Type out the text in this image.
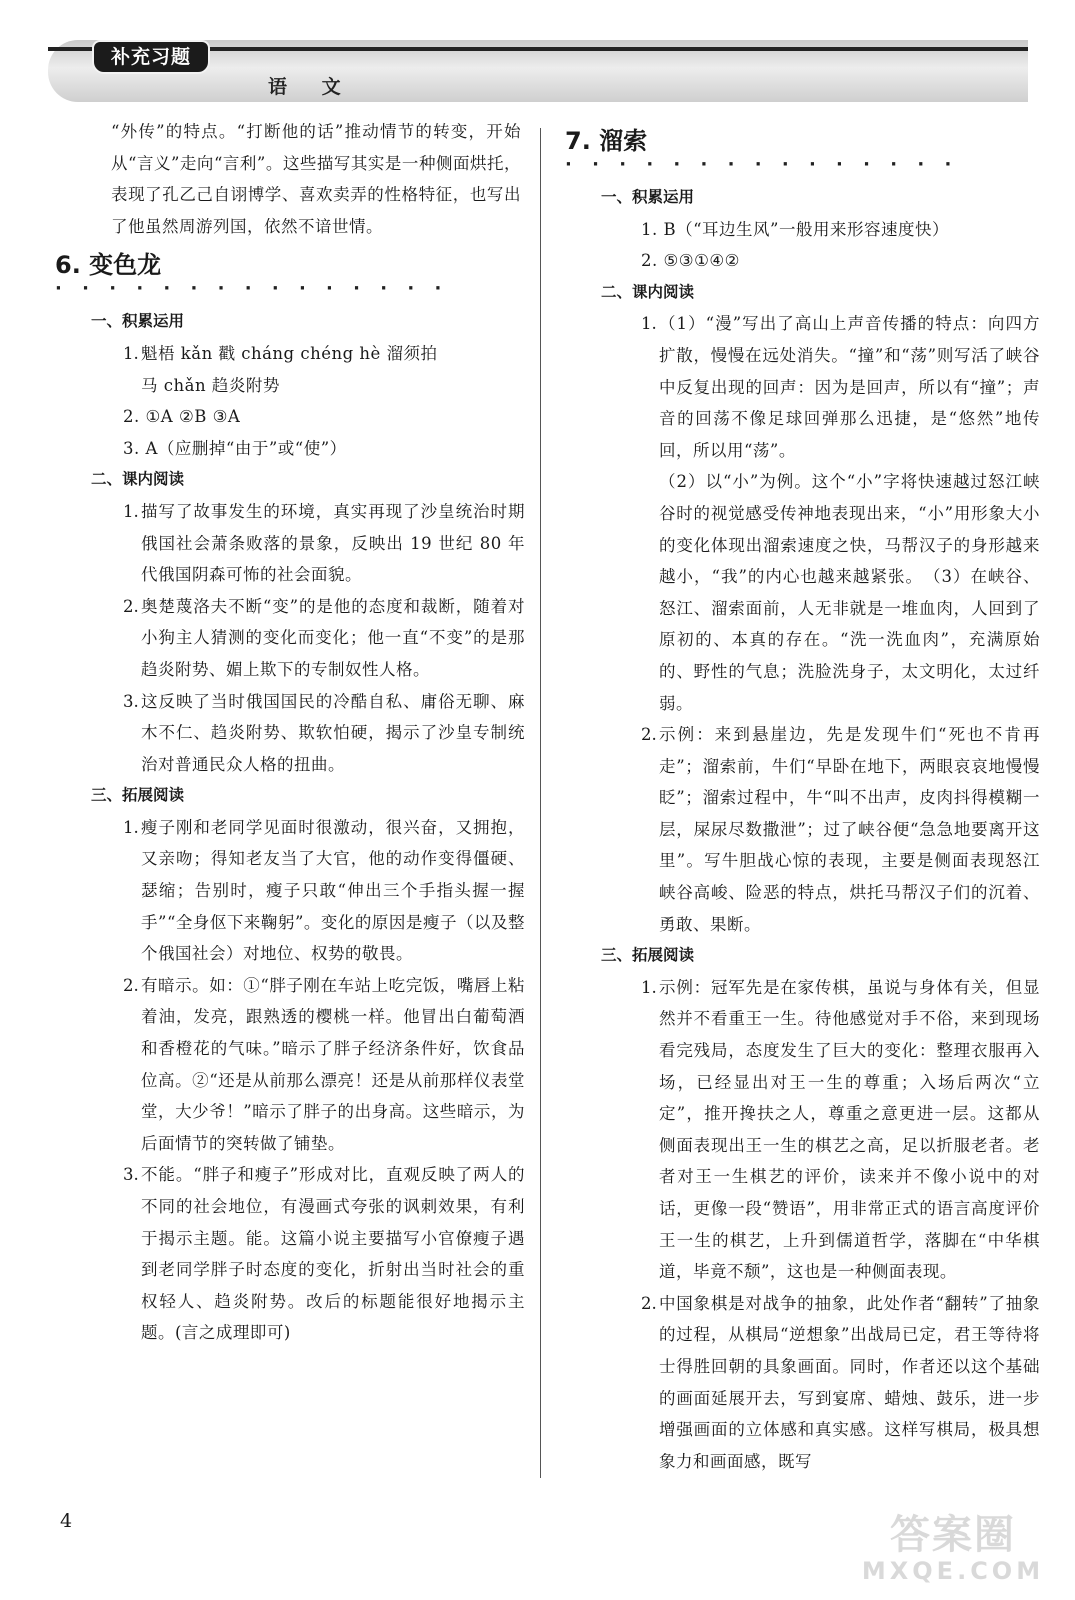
补充习题
语 文

“外传”的特点。“打断他的话”推动情节的转变，开始从“言义”走向“言利”。这些描写其实是一种侧面烘托，表现了孔乙己自诩博学、喜欢卖弄的性格特征，也写出了他虽然周游列国，依然不谙世情。

6. 变色龙
· · · · · · · · · · · · · · ·
一、积累运用
1. 魁梧 kǎn 戳 cháng chéng hè 溜须拍

马 chǎn 趋炎附势

2. ①A ②B ③A

3. A（应删掉“由于”或“使”）

二、课内阅读
1. 描写了故事发生的环境，真实再现了沙皇统治时期俄国社会萧条败落的景象，反映出 19 世纪 80 年代俄国阴森可怖的社会面貌。

2. 奥楚蔑洛夫不断“变”的是他的态度和裁断，随着对小狗主人猜测的变化而变化；他一直“不变”的是那趋炎附势、媚上欺下的专制奴性人格。

3. 这反映了当时俄国国民的冷酷自私、庸俗无聊、麻木不仁、趋炎附势、欺软怕硬，揭示了沙皇专制统治对普通民众人格的扭曲。

三、拓展阅读
1. 瘦子刚和老同学见面时很激动，很兴奋，又拥抱，又亲吻；得知老友当了大官，他的动作变得僵硬、瑟缩；告别时，瘦子只敢“伸出三个手指头握一握手”“全身伛下来鞠躬”。变化的原因是瘦子（以及整个俄国社会）对地位、权势的敬畏。

2. 有暗示。如：①“胖子刚在车站上吃完饭，嘴唇上粘着油，发亮，跟熟透的樱桃一样。他冒出白葡萄酒和香橙花的气味。”暗示了胖子经济条件好，饮食品位高。②“还是从前那么漂亮！还是从前那样仪表堂堂，大少爷！”暗示了胖子的出身高。这些暗示，为后面情节的突转做了铺垫。

3. 不能。“胖子和瘦子”形成对比，直观反映了两人的不同的社会地位，有漫画式夸张的讽刺效果，有利于揭示主题。能。这篇小说主要描写小官僚瘦子遇到老同学胖子时态度的变化，折射出当时社会的重权轻人、趋炎附势。改后的标题能很好地揭示主题。(言之成理即可)

7. 溜索
· · · · · · · · · · · · · · ·
一、积累运用

1. B（“耳边生风”一般用来形容速度快）

2. ⑤③①④②

二、课内阅读
1. （1）“漫”写出了高山上声音传播的特点：向四方扩散，慢慢在远处消失。“撞”和“荡”则写活了峡谷中反复出现的回声：因为是回声，所以有“撞”；声音的回荡不像足球回弹那么迅捷，是“悠然”地传回，所以用“荡”。

（2）以“小”为例。这个“小”字将快速越过怒江峡谷时的视觉感受传神地表现出来，“小”用形象大小的变化体现出溜索速度之快，马帮汉子的身形越来越小，“我”的内心也越来越紧张。　（3）在峡谷、怒江、溜索面前，人无非就是一堆血肉，人回到了原初的、本真的存在。“洗一洗血肉”，充满原始的、野性的气息；洗脸洗身子，太文明化，太过纤弱。

2. 示例：来到悬崖边，先是发现牛们“死也不肯再走”；溜索前，牛们“早卧在地下，两眼哀哀地慢慢眨”；溜索过程中，牛“叫不出声，皮肉抖得模糊一层，屎尿尽数撒泄”；过了峡谷便“急急地要离开这里”。写牛胆战心惊的表现，主要是侧面表现怒江峡谷高峻、险恶的特点，烘托马帮汉子们的沉着、勇敢、果断。

三、拓展阅读
1. 示例：冠军先是在家传棋，虽说与身体有关，但显然并不看重王一生。待他感觉对手不俗，来到现场看完残局，态度发生了巨大的变化：整理衣服再入场，已经显出对王一生的尊重；入场后两次“立定”，推开搀扶之人，尊重之意更进一层。这都从侧面表现出王一生的棋艺之高，足以折服老者。老者对王一生棋艺的评价，读来并不像小说中的对话，更像一段“赞语”，用非常正式的语言高度评价王一生的棋艺，上升到儒道哲学，落脚在“中华棋道，毕竟不颓”，这也是一种侧面表现。

2. 中国象棋是对战争的抽象，此处作者“翻转”了抽象的过程，从棋局“逆想象”出战局已定，君王等待将士得胜回朝的具象画面。同时，作者还以这个基础的画面延展开去，写到宴席、蜡烛、鼓乐，进一步增强画面的立体感和真实感。这样写棋局，极具想象力和画面感，既写

4	答案圈
MXQE.COM
